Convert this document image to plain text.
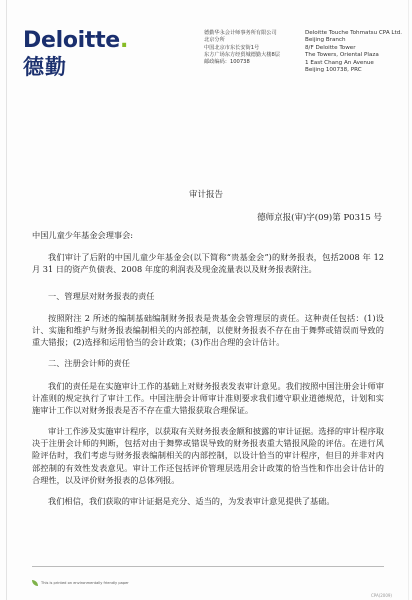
Deloitte.
德勤
德勤华永会计师事务所有限公司
北京分所
中国北京市东长安街1号
东方广场东方经贸城德勤大楼8层
邮政编码：100738
Deloitte Touche Tohmatsu CPA Ltd.
Beijing Branch
8/F Deloitte Tower
The Towers, Oriental Plaza
1 East Chang An Avenue
Beijing 100738, PRC
审计报告
德师京报(审)字(09)第 P0315 号
中国儿童少年基金会理事会:

我们审计了后附的中国儿童少年基金会(以下简称“贵基金会”)的财务报表，包括2008 年 12 月 31 日的资产负债表、2008 年度的利润表及现金流量表以及财务报表附注。

一、管理层对财务报表的责任

按照附注 2 所述的编制基础编制财务报表是贵基金会管理层的责任。这种责任包括：(1)设计、实施和维护与财务报表编制相关的内部控制，以使财务报表不存在由于舞弊或错误而导致的重大错报；(2)选择和运用恰当的会计政策；(3)作出合理的会计估计。

二、注册会计师的责任

我们的责任是在实施审计工作的基础上对财务报表发表审计意见。我们按照中国注册会计师审计准则的规定执行了审计工作。中国注册会计师审计准则要求我们遵守职业道德规范，计划和实施审计工作以对财务报表是否不存在重大错报获取合理保证。

审计工作涉及实施审计程序，以获取有关财务报表金额和披露的审计证据。选择的审计程序取决于注册会计师的判断，包括对由于舞弊或错误导致的财务报表重大错报风险的评估。在进行风险评估时，我们考虑与财务报表编制相关的内部控制，以设计恰当的审计程序，但目的并非对内部控制的有效性发表意见。审计工作还包括评价管理层选用会计政策的恰当性和作出会计估计的合理性，以及评价财务报表的总体列报。

我们相信，我们获取的审计证据是充分、适当的，为发表审计意见提供了基础。

This is printed on environmentally friendly paper
CPA(2009)
